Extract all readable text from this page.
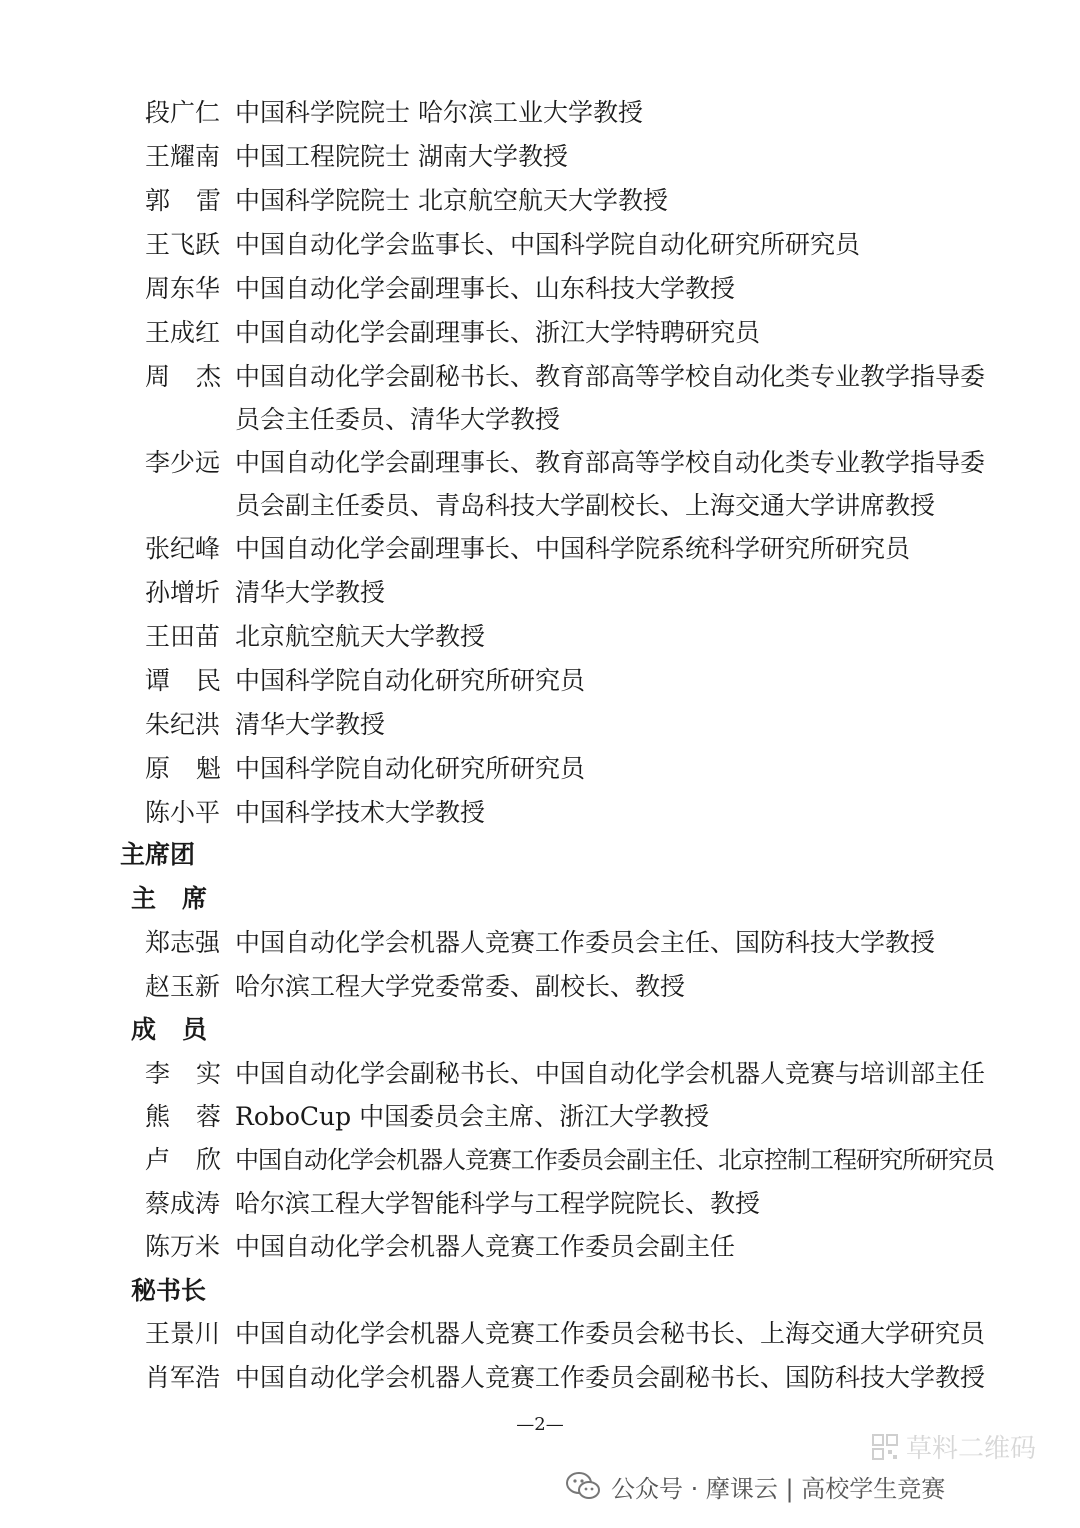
段广仁 中国科学院院士 哈尔滨工业大学教授
王耀南 中国工程院院士 湖南大学教授
郭雷
中国科学院院士 北京航空航天大学教授
王飞跃 中国自动化学会监事长、中国科学院自动化研究所研究员
周东华 中国自动化学会副理事长、山东科技大学教授
王成红 中国自动化学会副理事长、浙江大学特聘研究员
周杰
中国自动化学会副秘书长、教育部高等学校自动化类专业教学指导委员会主任委员、清华大学教授
李少远 中国自动化学会副理事长、教育部高等学校自动化类专业教学指导委员会副主任委员、青岛科技大学副校长、上海交通大学讲席教授
张纪峰 中国自动化学会副理事长、中国科学院系统科学研究所研究员
孙增圻 清华大学教授
王田苗 北京航空航天大学教授
谭民
中国科学院自动化研究所研究员
朱纪洪 清华大学教授
原魁
中国科学院自动化研究所研究员
陈小平 中国科学技术大学教授
主席团
主席
郑志强 中国自动化学会机器人竞赛工作委员会主任、国防科技大学教授
赵玉新 哈尔滨工程大学党委常委、副校长、教授
成员
李实
中国自动化学会副秘书长、中国自动化学会机器人竞赛与培训部主任
熊蓉
RoboCup 中国委员会主席、浙江大学教授
卢欣
中国自动化学会机器人竞赛工作委员会副主任、北京控制工程研究所研究员
蔡成涛 哈尔滨工程大学智能科学与工程学院院长、教授
陈万米 中国自动化学会机器人竞赛工作委员会副主任
秘书长
王景川 中国自动化学会机器人竞赛工作委员会秘书长、上海交通大学研究员
肖军浩 中国自动化学会机器人竞赛工作委员会副秘书长、国防科技大学教授
—2—
草料二维码
公众号 · 摩课云 | 高校学生竞赛
